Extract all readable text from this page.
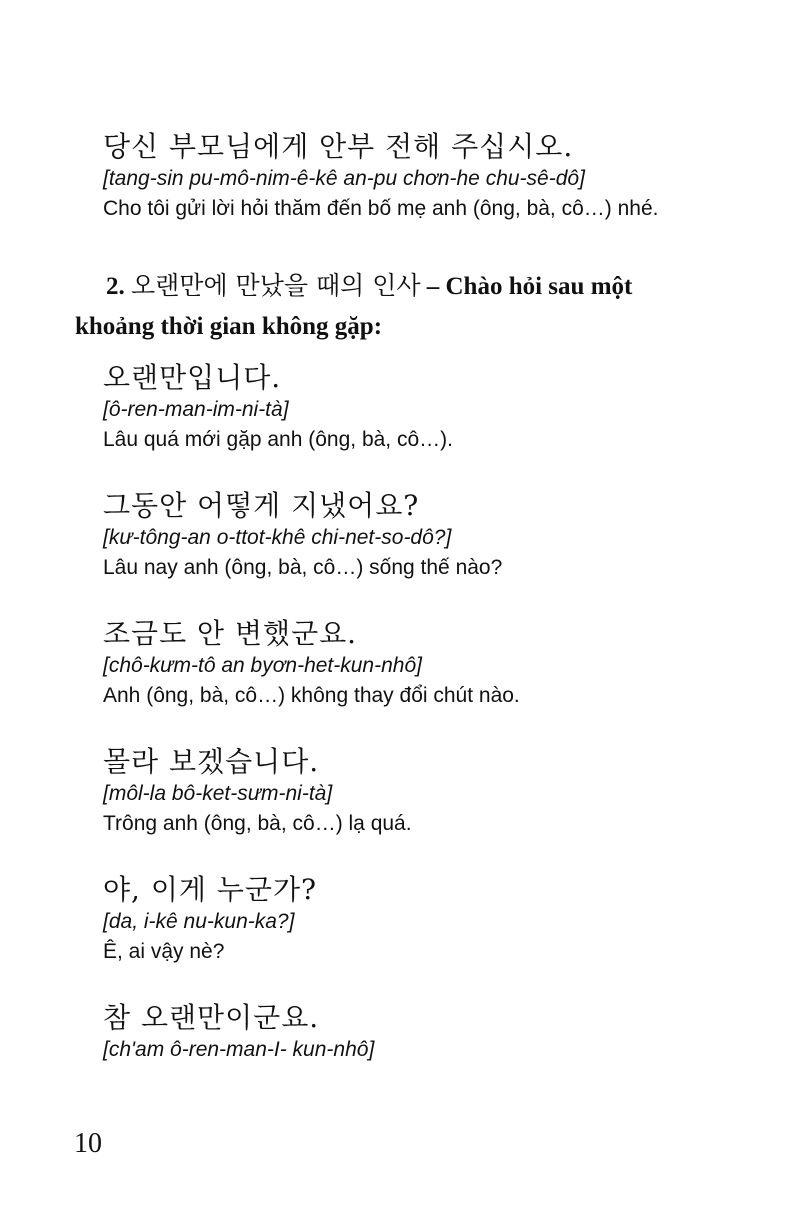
당신 부모님에게 안부 전해 주십시오.
[tang-sin pu-mô-nim-ê-kê an-pu chơn-he chu-sê-dô]
Cho tôi gửi lời hỏi thăm đến bố mẹ anh (ông, bà, cô…) nhé.
2. 오랜만에 만났을 때의 인사 – Chào hỏi sau một
khoảng thời gian không gặp:
오랜만입니다.
[ô-ren-man-im-ni-tà]
Lâu quá mới gặp anh (ông, bà, cô…).
그동안 어떻게 지냈어요?
[kư-tông-an o-ttot-khê chi-net-so-dô?]
Lâu nay anh (ông, bà, cô…) sống thế nào?
조금도 안 변했군요.
[chô-kưm-tô an byơn-het-kun-nhô]
Anh (ông, bà, cô…) không thay đổi chút nào.
몰라 보겠습니다.
[môl-la bô-ket-sưm-ni-tà]
Trông anh (ông, bà, cô…) lạ quá.
야, 이게 누군가?
[da, i-kê nu-kun-ka?]
Ê, ai vậy nè?
참 오랜만이군요.
[ch'am ô-ren-man-I- kun-nhô]
10
